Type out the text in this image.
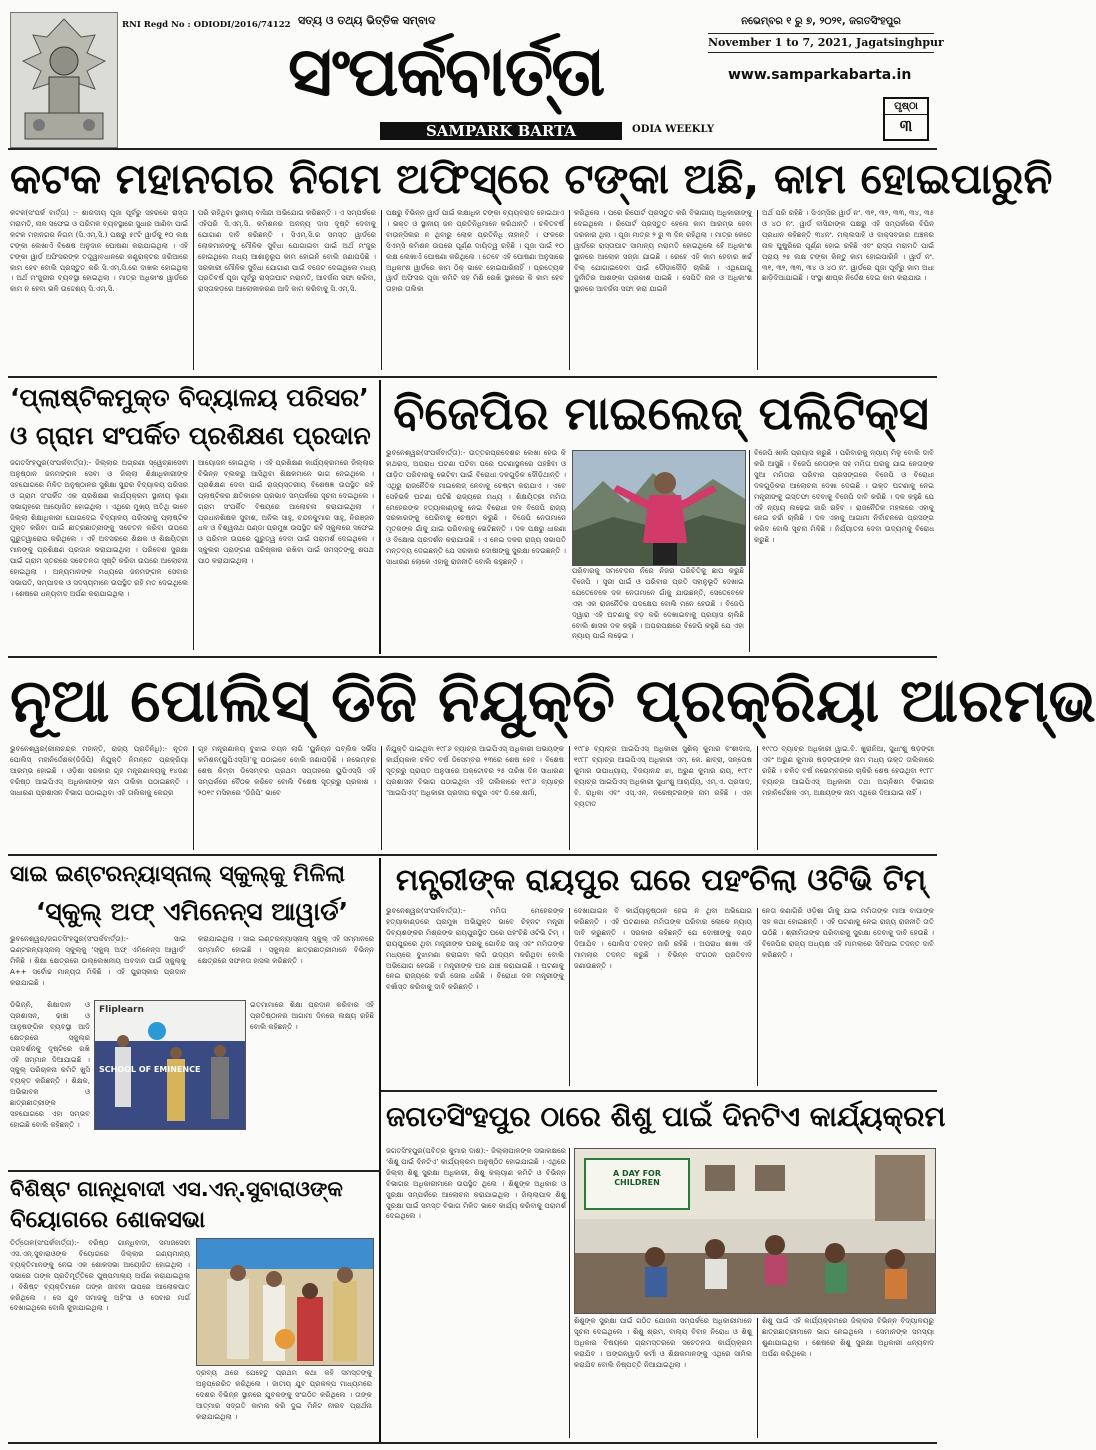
RNI Regd No : ODIODI/2016/74122 ସତ୍ୟ ଓ ତଥ୍ୟ ଭିତ୍ତିକ ସମ୍ବାଦ
ସଂପର୍କବାର୍ତ୍ତା
SAMPARK BARTA	ODIA WEEKLY
ନଭେମ୍ବର ୧ ରୁ ୭, ୨୦୨୧, ଜଗତସିଂହପୁର
November 1 to 7, 2021, Jagatsinghpur
www.samparkabarta.in
ପୃଷ୍ଠା
୩
କଟକ ମହାନଗର ନିଗମ ଅଫିସ୍‌ରେ ଟଙ୍କା ଅଛି, କାମ ହୋଇପାରୁନି
କଟକ(ସଂପର୍କ ବାର୍ତ୍ତା) :- ଶାରଦୀୟ ପୂଜା ପୂର୍ବରୁ ସହରରେ ରାସ୍ତା ମରାମତି, ନାଳ ସଫେଇ ଓ ପରିମଳ ବ୍ୟବସ୍ଥାରେ ସୁଧାର ଆଣିବା ପାଇଁ କଟକ ମହାନଗର ନିଗମ (ସି.ଏମ୍.ସି.) ପକ୍ଷରୁ ୫୯ଟି ୱାର୍ଡକୁ ୧୦ ଲକ୍ଷ ଟଙ୍କା ଲେଖାଏଁ ବିଶେଷ ଅନୁଦାନ ଘୋଷଣା କରାଯାଇଥିଲା । ଏହି ଟଙ୍କା ୱାର୍ଡ ଅଫିସରଙ୍କ ତତ୍ତ୍ୱାବଧାନରେ କଣ୍ଟ୍ରାକ୍ଟର ଜରିଆରେ କାମ ହେବ ବୋଲି ପ୍ରସ୍ତୁତ କରି ସି.ଏମ୍.ସି.ରେ ଦାଖଲ ହୋଇଥିଲା । ଅର୍ଥ ମଂଜୁରୀର ବ୍ୟବସ୍ଥା ହୋଇଥିଲା । ମାତ୍ର ଅଧିକାଂଶ ୱାର୍ଡରେ କାମ ନ ହେବା ଭଳି ଉଦ୍ଦେଶ୍ୟ ସି.ଏମ୍.ସି.
ପରି ରହିଥିବା ସ୍ଥାନୀୟ ବାସିନ୍ଦା ଅଭିଯୋଗ କରିଛନ୍ତି । ଏ ସମ୍ପର୍କରେ ଏହିପରି ସି.ଏମ୍.ସି. କମିଶନର ଅନନ୍ୟ ଦାସ ଦୃଷ୍ଟି ଦେବାକୁ ଯୋଗାଣ ଦାବି କରିଛନ୍ତି । ସିଏମ୍.ସି.ର ସମସ୍ତ ୱାର୍ଡରେ ଲୋକମାନଙ୍କୁ ମୌଳିକ ସୁବିଧା ଯୋଗାଇବା ପାଇଁ ଅର୍ଥ ମଂଜୁର ହୋଇଥିଲେ ମଧ୍ୟ ଆଶାନୁରୂପ କାମ ହୋଇନି ବୋଲି ଜଣାପଡ଼ିଛି । ସରକାରୀ ମୌଳିକ ସୁବିଧା ଯୋଗାଣ ପାଇଁ ବଜେଟ ଦେଇଥିଲେ ମଧ୍ୟ ପ୍ରତିବର୍ଷ ପୂଜା ପୂର୍ବରୁ ରାସ୍ତାଘାଟ ମରାମତି, ଆବର୍ଜନା ସଫା କରିବା, ରାସ୍ତାକଡ଼ରେ ଆଲୋକୀକରଣ ଆଦି କାମ କରିବାକୁ ସି.ଏମ୍.ସି.
ପକ୍ଷରୁ ବିଭିନ୍ନ ୱାର୍ଡ ପାଇଁ ଲକ୍ଷାଧିକ ଟଙ୍କା ବ୍ୟୟବରାଦ ହୋଇଥାଏ । ଭକ୍ତ ଓ ସ୍ଥାନୀୟ ଜନ ପ୍ରତିନିଧିମାନେ କରିଥାନ୍ତି । ଚଳିତବର୍ଷ ବାଉନ୍ସିଲର ନ ଥିବାରୁ ଲୋକ ପ୍ରତିନିଧି ନାହାନ୍ତି । ଫଳରେ ସିଏମ୍‌ସି କମିଶନ ଉପରେ ପୂର୍ଣ୍ଣ ଦାୟିତ୍ୱ ରହିଛି । ପୂଜା ପାଇଁ ୧୦ ଲକ୍ଷ ଲେଖାଏଁ ଘୋଷଣା କରିଥିଲେ । ତେବେ ଏହି ଘୋଷଣା ଅନୁସାରେ ଅଧିକାଂଶ ୱାର୍ଡରେ କାମ ଠିକ୍ ଭାବେ ହୋଇପାରିନାହିଁ । ପ୍ରତ୍ୟେକ ୱାର୍ଡ ଅଫିସର ପୂଜା କମିଟି ସହ ମିଶି ରେଖି ସ୍ଥାନରେ କି କାମ ହେବ ତାହାର ତାଲିକା
କରିଥିଲେ । ପରେ ରିପୋର୍ଟ ପ୍ରସ୍ତୁତ କରି ବିଭାଗୀୟ ଅଧିକାରୀଙ୍କୁ ଦେଇଥିଲେ । ରିପୋର୍ଟ ପ୍ରସ୍ତୁତ ହେଲେ କାମ ଆରମ୍ଭ ହେବା ଦରକାର ଥିଲା । ପୂଜା ମାତ୍ର ୨ ରୁ ୩ ଦିନ ରହିଥିଲା । ମାତ୍ର କେତେ ୱାର୍ଡରେ ରାସ୍ତାଘାଟ ସାମାନ୍ୟ ମରାମତି ହୋଇଥିଲେ ହେଁ ଅଧିକାଂଶ ସ୍ଥାନରେ ଆଲୋକ ସଜ୍ଜା ଯାଇଛି । ରେହେ ଏହି କାମ ହେବାର ଖର୍ଚ୍ଚ ବିଲ୍ ଯୋଗାଇଦେବା ପାଇଁ ଦୌଡ଼ାଦୌଡ଼ି ଚାଲିଛି । ଏଥିଯୋଗୁ ଦୁର୍ନୀତିର ଆଶଙ୍କା ପ୍ରକାଶ ପାଇଛି । ସେପିତି ନାଳ ଓ ଅଧିକାଂଶ ସ୍ଥାନରେ ଆବର୍ଜନା ସଫା କରା ଯାଇନି
ଅର୍ଥ ପରି ରହିଛି । ସିଏମ୍‌ସିର ୱାର୍ଡ ନଂ. ୩୧, ୩୨, ୩୩, ୩୪, ୩୫ ଓ ୪୦ ନଂ. ୱାର୍ଡ ବାସିନ୍ଦାଙ୍କ ପକ୍ଷରୁ ଏହି ସମ୍ପର୍କରେ ବିପିନ ପ୍ରଧାନ କହିଛନ୍ତି ୩୪ନଂ. ମଲ୍ଲସାହି ଓ ବାକ୍ସବଜାର ଅଞ୍ଚଳର ନାଳ ଘୁଷୁରିରେ ପୂର୍ଣ୍ଣ ହୋଇ ରହିଛି ଏବଂ ରାସ୍ତା ମରାମତି ପାଇଁ ପ୍ରାୟ ୨୫ ଲକ୍ଷ ଟଙ୍କା କିନ୍ତୁ କାମ ହୋଇପାରିନି । ୱାର୍ଡ ନଂ. ୩୧, ୩୨, ୩୩, ୩୪ ଓ ୪୦ ନଂ. ୱାର୍ଡରେ ପୂଜା ପୂର୍ବରୁ କାମ ଅଧା ଛାଡ଼ିଦିଆଯାଇଛି । ସଂସ୍ଥା ଶୀଘ୍ର ନିର୍ଦ୍ଦେଶ ଦେଇ କାମ କରାଯାଉ ।
‘ପ୍ଲାଷ୍ଟିକମୁକ୍ତ ବିଦ୍ୟାଳୟ ପରିସର’
ଓ ଗ୍ରାମ ସଂପର୍କିତ ପ୍ରଶିକ୍ଷଣ ପ୍ରଦାନ
ଜଗତସିଂହପୁର(ସଂପର୍କବାର୍ତ୍ତା):- ଜିଲ୍ଲାର ଅଗ୍ରଣୀ ସ୍ୱେଚ୍ଛାସେବୀ ଅନୁଷ୍ଠାନ ଜନମଙ୍ଗଳ ସେବା ଓ ଜିଲ୍ଲା ଶିକ୍ଷାଧିକାରୀଙ୍କ ସହଯୋଗରେ ମିଳିତ ଅନୁଷ୍ଠାନର ସୁଶିକ୍ଷା ସୁନ୍ଦର ବିଦ୍ୟାଳୟ ପରିସର ଓ ଗ୍ରାମ ସଂପର୍କିତ ଏକ ପ୍ରଶିକ୍ଷଣ କାର୍ଯ୍ୟକ୍ରମ ସ୍ଥାନୀୟ ଲୁଣା ସଭାଗୃହରେ ଆୟୋଜିତ ହୋଇଥିଲା । ଏଥିରେ ମୁଖ୍ୟ ଅତିଥି ଭାବେ ଜିଲ୍ଲା ଶିକ୍ଷାଧିକାରୀ ଯୋଗଦେଇ ବିଦ୍ୟାଳୟ ପରିସରକୁ ପ୍ଲାଷ୍ଟିକ ମୁକ୍ତ କରିବା ପାଇଁ ଛାତ୍ରଛାତ୍ରୀଙ୍କୁ ସଚେତନ କରିବା ଉପରେ ଗୁରୁତ୍ୱାରୋପ କରିଥିଲେ । ଏହି ଅବସରରେ ଶିକ୍ଷକ ଓ ଶିକ୍ଷୟିତ୍ରୀ ମାନଙ୍କୁ ପ୍ରଶିକ୍ଷଣ ପ୍ରଦାନ କରାଯାଇଥିଲା । ପରିବେଶ ସୁରକ୍ଷା ପାଇଁ ଗ୍ରାମ ସ୍ତରରେ ସଚେତନତା ସୃଷ୍ଟି କରିବା ଉପରେ ଆଲୋଚନା ହୋଇଥିଲା । ଅନ୍ୟମାନଙ୍କ ମଧ୍ୟରେ ଜନମଙ୍ଗଳ ସେବାର ସଭାପତି, ସମ୍ପାଦକ ଓ ସଦସ୍ୟମାନେ ଉପସ୍ଥିତ ରହି ମତ ଦେଇଥିଲେ । ଶେଷରେ ଧନ୍ୟବାଦ ଅର୍ପଣ କରାଯାଇଥିଲା ।
ଆୟୋଜନ ହୋଇଥିଲା । ଏହି ପ୍ରଶିକ୍ଷଣ କାର୍ଯ୍ୟକ୍ରମରେ ଜିଲ୍ଲାର ବିଭିନ୍ନ ବ୍ଲକରୁ ଆସିଥିବା ଶିକ୍ଷକମାନେ ଭାଗ ନେଇଥିଲେ । ପ୍ରଶିକ୍ଷଣ ଦେବା ପାଇଁ ରାଜ୍ୟସ୍ତରୀୟ ବିଶେଷଜ୍ଞ ଉପସ୍ଥିତ ରହି ପ୍ଲାଷ୍ଟିକର କ୍ଷତିକାରକ ପ୍ରଭାବ ସମ୍ପର୍କରେ ସୂଚନା ଦେଇଥିଲେ । ଗ୍ରାମ ସଂପର୍କିତ ବିଷୟରେ ଆଲୋଚନା କରାଯାଇଥିଲା । ପ୍ରଧାନଶିକ୍ଷକ ସୁବାଶ, ଅନିଲ ସାହୁ, ଚନ୍ଦନକୁମାର ସାହୁ, ନିରଞ୍ଜନ ଧଳ ଓ ବିଶ୍ୱନାଥ ପଣ୍ଡା ପ୍ରମୁଖ ଉପସ୍ଥିତ ରହି ସ୍କୁଲରେ ସଫେଇ ଓ ପରିମଳ ଉପରେ ଗୁରୁତ୍ୱ ଦେବା ପାଇଁ ପରାମର୍ଶ ଦେଇଥିଲେ । ସ୍କୁଲର ପ୍ରାଙ୍ଗଣ ପରିଷ୍କାର ରଖିବା ପାଇଁ ସମସ୍ତଙ୍କୁ ଶପଥ ପାଠ କରାଯାଇଥିଲା ।
ବିଜେପିର ମାଇଲେଜ୍ ପଲିଟିକ୍ସ
ଭୁବନେଶ୍ୱର(ସଂପର୍କବାର୍ତ୍ତା):- ଉତ୍ତରପ୍ରଦେଶର ଲେଖା ହେଉ କି ହାଥରସ, ଅପରାଧ ଘଟଣା ଘଟିବା ପରେ ଘଟଣାସ୍ଥଳରେ ପହଞ୍ଚିବା ଓ ପୀଡ଼ିତ ପରିବାରକୁ ଭେଟିବା ପାଇଁ ବିରୋଧୀ ଦଳଗୁଡ଼ିକ ଦୌଡ଼ିଥାନ୍ତି । ଏଥିରୁ ରାଜନୈତିକ ମାଇଲେଜ୍ ନେବାକୁ ଚେଷ୍ଟା କରାଯାଏ । ଏବେ ସେହିଭଳି ଘଟଣା ଘଟିଛି ରାଜ୍ୟରେ ମଧ୍ୟ । ଶିକ୍ଷୟିତ୍ରୀ ମମିତା ମେହେରଙ୍କ ହତ୍ୟାକାଣ୍ଡକୁ ନେଇ ବିରୋଧୀ ଦଳ ବିଜେପି ରାଜ୍ୟ ସରକାରଙ୍କୁ ଘେରିବାକୁ ଚେଷ୍ଟା କରୁଛି । ବିଜେପି ନେତାମାନେ ମୃତକଙ୍କ ଗାଁକୁ ଯାଇ ପରିବାରକୁ ଭେଟିଛନ୍ତି । ଦଳ ପକ୍ଷରୁ ଧାରଣା ଓ ବିକ୍ଷୋଭ ପ୍ରଦର୍ଶନ କରାଯାଉଛି । ଏ ନେଇ ଦଳର ରାଜ୍ୟ ସଭାପତି ମନ୍ତବ୍ୟ ଦେଇଛନ୍ତି ଯେ ସରକାର ଦୋଷୀଙ୍କୁ ସୁରକ୍ଷା ଦେଉଛନ୍ତି । ସାଧାରଣ ଲୋକେ ଏହାକୁ ରାଜନୀତି ବୋଲି କହୁଛନ୍ତି ।
ପରିବାରକୁ ସମବେଦନା ନଁରେ ନିଜର ପରିଚିତିକୁ ଛାପ କରୁଛି ବିଜେପି । ସ୍ତ୍ରୀ ପାଇଁ ଓ ପରିବାର ପ୍ରତି ସହାନୁଭୂତି ଦେଖାଇ ଯେତେବେଳେ ଦଳ ନେତାମାନେ ଗାଁକୁ ଯାଉଛନ୍ତି, ସେତେବେଳେ ଏହା ଏକ ରାଜନୈତିକ ପଦକ୍ଷେପ ବୋଲି ମନେ ହେଉଛି । ବିଜେପି ଦ୍ୱାରା ଏହି ଘଟଣାକୁ ବଡ଼ କରି ଦେଖାଇବାକୁ ପ୍ରୟାସ ଚାଲିଛି ବୋଲି ଶାସକ ଦଳ କହୁଛି । ଅପରପକ୍ଷରେ ବିଜେପି କହୁଛି ଯେ ଏହା ନ୍ୟାୟ ପାଇଁ ଲଢ଼େଇ ।
ବିଜେପି ଖାଲି ପ୍ରୟାସ କରୁଛି । ପରିବାରକୁ ନ୍ୟାୟ ମିଳୁ ବୋଲି ଦାବି କରି ଆସୁଛି । ବିଜେପି ନେତାଙ୍କ ସହ ମମିତା ଘରକୁ ଯାଇ ନେତାଙ୍କ ସୁଆ ମମିତାର ପରିବାର ପ୍ରସଙ୍ଗରେ ବିଜେପି ଓ ବିରୋଧୀ ଦଳଗୁଡ଼ିକର ଆଲୋଚନା ଦେଖା ଦେଇଛି । ଉକ୍ତ ଘଟଣାକୁ ନେଇ ମନ୍ତ୍ରୀଙ୍କୁ ଇସ୍ତଫା ଦେବାକୁ ବିଜେପି ଦାବି କରିଛି । ଦଳ କହୁଛି ଯେ ଏହି ନ୍ୟାୟ ଲଢ଼େଇ ଜାରି ରହିବ । ରାଜନୈତିକ ମହଲରେ ଏହାକୁ ନେଇ ଚର୍ଚ୍ଚା ଚାଲିଛି । ଦଳ ଏହାକୁ ଆଗାମୀ ନିର୍ବାଚନରେ ପ୍ରସଙ୍ଗ କରିବ ବୋଲି ସୂଚନା ମିଳିଛି । ନିର୍ଯ୍ୟାତନା ଦେବା ଉଦ୍ୟମକୁ ବିରୋଧ କରୁଛି ।
ନୂଆ ପୋଲିସ୍ ଡିଜି ନିଯୁକ୍ତି ପ୍ରକ୍ରିୟା ଆରମ୍ଭ
ଭୁବନେଶ୍ୱର(ରୀନାଚନ୍ଦ୍ର ମହାନ୍ତି, ରାଜ୍ୟ ପ୍ରତିନିଧି):- ନୂତନ ପୋଲିସ୍ ମହାନିର୍ଦ୍ଦେଶକ(ଡିଜିପି) ନିଯୁକ୍ତି ନିମନ୍ତେ ପ୍ରକ୍ରିୟା ଆରମ୍ଭ ହୋଇଛି । ଓଡ଼ିଶା ସରକାର ଗୃହ ମନ୍ତ୍ରଣାଳୟକୁ ୧୪ଜଣ ବରିଷ୍ଠ ଆଇପିଏସ୍ ଅଧିକାରୀଙ୍କ ନାମ ତାଲିକା ପଠାଇଛନ୍ତି । ସାଧାରଣ ପ୍ରଶାସନ ବିଭାଗ ପଠାଇଥିବା ଏହି ତାଲିକାକୁ କେନ୍ଦ୍ର
ଗୃହ ମନ୍ତ୍ରଣାଳୟ ବୁଝାଇ ଚୟନ ଲାଗି ‘ୟୁନିୟନ ପବ୍ଲିକ ସର୍ଭିସ କମିଶନ(ୟୁପିଏସ୍‌ସି)’କୁ ପଠାଇବେ ବୋଲି ଜଣାପଡ଼ିଛି । ନଭେମ୍ବର ଶେଷ କିମ୍ବା ଡିସେମ୍ବର ପ୍ରଥମ ସପ୍ତାହରେ ୟୁପିଏସ୍‌ସି ଏହି ସମ୍ପର୍କରେ ବୈଠକ କରିବେ ବୋଲି ବିଶେଷ ସୂତ୍ରରୁ ପ୍ରକାଶ । ୨୦୧୯ ମସିହାରେ ‘ଡିଜିପି’ ଭାବେ
ନିଯୁକ୍ତି ପାଇଥିବା ୧୯୮୬ ବ୍ୟାଚ୍‌ର ଆଇପିଏସ୍ ଅଧିକାରୀ ଅଭୟଙ୍କ କାର୍ଯ୍ୟକାଳ ଚଳିତ ବର୍ଷ ଡିସେମ୍ବର ୧୩ରେ ଶେଷ ହେବ । ବିଶେଷ ସୂତ୍ରରୁ ପ୍ରାପ୍ତ ଅନୁସାରେ ଅକ୍ଟୋବର ୨୫ ତାରିଖ ଦିନ ସାଧାରଣ ପ୍ରଶାସନ ବିଭାଗ ପଠାଇଥିବା ଏହି ତାଲିକାରେ ୧୯୮୬ ବ୍ୟାଚ୍‌ର ‘ଆଇପିଏସ୍’ ଅଧିକାରୀ ପ୍ରଦୀପ କପୁର ଏବଂ ଡି.କେ.ଶର୍ମା,
୧୯୮୭ ବ୍ୟାଚ୍‌ର ଆଇପିଏସ୍ ଅଧିକାରୀ ସୁଶିଲ୍ କୁମାର ବଂଶୀଦାସ, ୧୯୮୮ ବ୍ୟାଚ୍‌ର ଆଇପିଏସ୍ ଅଧିକାରୀ ଏମ୍. କେ. ଛାବ୍ରା, ସନ୍ତୋଷ କୁମାର ଉପାଧ୍ୟାୟ, ବିଜୟାନନ୍ଦ ଝା, ଅରୁଣ କୁମାର ରାୟ, ୧୯୮୯ ବ୍ୟାଚ୍‌ର ଆଇପିଏସ୍ ଅଧିକାରୀ ସୁଧାଂଶୁ ଆଚାର୍ଯ୍ୟ, ଏମ୍.ଏ. ପ୍ରସାଦ, ବି. ରାଧିକା ଏବଂ ଏସ୍.ଏନ୍. ନରେଷ୍ଟରଙ୍କ ନାମ ରହିଛି । ଏହା ବ୍ୟତୀତ
୧୯୯୦ ବ୍ୟାଚ୍‌ର ଅଧିକାରୀ ୱାଇ.ବି. ଖୁରାନିଆ, ସୁଧାଂଶୁ ଷଡ଼ଙ୍ଗୀ ଏବଂ ଅରୁଣ କୁମାର ଷଡ଼ଙ୍ଗୀଙ୍କ ନାମ ମଧ୍ୟ ଉକ୍ତ ତାଲିକାରେ ରହିଛି । ଚଳିତ ବର୍ଷ ନଭେମ୍ବରରେ ଚାକିରି ଶେଷ ହେଉଥିବା ୧୯୮୮ ବ୍ୟାଚ୍‌ର ଆଇପିଏସ୍ ଅଧିକାରୀ ତଥା ଅଗ୍ନିଶମ ବିଭାଗର ମହାନିର୍ଦ୍ଦେଶକ ଏମ୍. ଅକ୍ଷୟଙ୍କ ନାମ ଏଥିରେ ଦିଆଯାଇ ନାହିଁ ।
ସାଇ ଇଣ୍ଟରନ୍ୟାସ୍‌ନାଲ୍ ସ୍କୁଲ୍‌କୁ ମିଳିଲା
‘ସ୍କୁଲ୍ ଅଫ୍ ଏମିନେନ୍ସ ଆୱାର୍ଡ’
ଭୁବନେଶ୍ୱର/ଜଗତସିଂହପୁର(ସଂପର୍କବାର୍ତ୍ତା):- ସାଇ ଇଣ୍ଟରନ୍ୟାସ୍‌ନାଲ୍ ସ୍କୁଲ୍‌କୁ ‘ସ୍କୁଲ୍ ଅଫ୍ ଏମିନେନ୍ସ ଆୱାର୍ଡ’ ମିଳିଛି । ଶିକ୍ଷା କ୍ଷେତ୍ରରେ ଉଲ୍ଲେଖନୀୟ ଅବଦାନ ପାଇଁ ସ୍କୁଲ୍‌କୁ A++ ସର୍ବୋଚ୍ଚ ମାନ୍ୟତା ମିଳିଛି । ଏହି ପୁରସ୍କାର ପ୍ରଦାନ କରାଯାଇଛି ।
କରାଯାଇଥିଲା । ସାଇ ଇଣ୍ଟରନ୍ୟାସ୍‌ନାଲ୍ ସ୍କୁଲ୍ ଏହି ସମ୍ମାନରେ ସମ୍ମାନିତ ହୋଇଛି । ସ୍କୁଲ୍‌ର ଛାତ୍ରଛାତ୍ରୀମାନେ ବିଭିନ୍ନ କ୍ଷେତ୍ରରେ ସଫଳତା ହାସଲ କରିଛନ୍ତି ।
Fliplearn
SCHOOL OF EMINENCE
ଡିଭିନ୍ନି, ଶିକ୍ଷାଦାନ ଓ ପ୍ରଶାସନ, ଢାଞ୍ଚା ଓ ଆନୁଷଙ୍ଗିକ ବ୍ୟବସ୍ଥା ଆଦି କ୍ଷେତ୍ରରେ ସ୍କୁଲ୍‌ର ପ୍ରଦର୍ଶନକୁ ଦୃଷ୍ଟିରେ ରଖି ଏହି ସମ୍ମାନ ଦିଆଯାଇଛି । ସ୍କୁଲ୍ ପରିଚାଳନା କମିଟି ଖୁସି ବ୍ୟକ୍ତ କରିଛନ୍ତି । ଶିକ୍ଷକ, ଅଭିଭାବକ ଓ ଛାତ୍ରଛାତ୍ରୀଙ୍କ ସହଯୋଗରେ ଏହା ସମ୍ଭବ ହୋଇଛି ବୋଲି କହିଛନ୍ତି ।
ଇତମାମାରେ ଶିକ୍ଷା ପ୍ରଦାନ କରିବାର ଏହି ପ୍ରତିଷ୍ଠାନର ଆଗାମୀ ଦିନରେ ଲକ୍ଷ୍ୟ ରହିଛି ବୋଲି କହିଛନ୍ତି ।
ମନ୍ତ୍ରୀଙ୍କ ରାୟପୁର ଘରେ ପହଂଚିଲା ଓଟିଭି ଟିମ୍
ଭୁବନେଶ୍ୱର(ସଂପର୍କବାର୍ତ୍ତା):- ମମିତା ମେହେରଙ୍କ ହତ୍ୟାକାଣ୍ଡରେ ପ୍ରମୁଖ ଅଭିଯୁକ୍ତ ଭାବେ ଚିହ୍ନଟ ମନ୍ତ୍ରୀ ଦିବ୍ୟଶଙ୍କର ମିଶ୍ରଙ୍କ ରାୟପୁରସ୍ଥିତ ଘରେ ପହଂଚିଛି ଓଟିଭି ଟିମ୍ । ରାୟପୁରରେ ଥିବା ମନ୍ତ୍ରୀଙ୍କ ଘରକୁ ଗୋବିନ୍ଦ ସାହୁ ଏବଂ ମମିତାଙ୍କ ମଧ୍ୟରେ ବୁଝାମଣା କରାଇବା ଲାଗି ଉଦ୍ୟମ କରିଥିବା ବୋଲି ଅଭିଯୋଗ ହେଉଛି । ମନ୍ତ୍ରୀଙ୍କ ଘର ଯାଞ୍ଚ କରାଯାଇଛି । ଘଟଣାକୁ ନେଇ ରାଜ୍ୟରେ ଚର୍ଚ୍ଚା ଜୋର ଧରିଛି । ବିରୋଧୀ ଦଳ ମନ୍ତ୍ରୀଙ୍କୁ ବର୍ଖାସ୍ତ କରିବାକୁ ଦାବି କରିଛନ୍ତି ।
ଦେଖାଯାଇନ ବି କାର୍ଯ୍ୟାନୁଷ୍ଠାନ ହେଇ ନ ଥିବା ଅଭିଯୋଗ କରିଛନ୍ତି । ଏହି ଘଟଣାରେ ମମିତାଙ୍କ ପରିବାର ଲୋକେ ନ୍ୟାୟ ଦାବି କରୁଛନ୍ତି । ସରକାର କହିଛନ୍ତି ଯେ ଦୋଷୀଙ୍କୁ ଦଣ୍ଡ ଦିଆଯିବ । ପୋଲିସ ତଦନ୍ତ ଜାରି ରହିଛି । ଅପରାଧ ଶାଖା ଏହି ମାମଲାର ତଦନ୍ତ କରୁଛି । ବିଭିନ୍ନ ସଂଗଠନ ପ୍ରତିବାଦ ଜଣାଉଛନ୍ତି ।
ନେତା କଣାଗିରି ଓଡ଼ିଶା ଗାଁକୁ ଯାଇ ମମିତାଙ୍କ ମାଆ ବାପାଙ୍କ ସହ କଥା ହୋଇଛନ୍ତି । ଏହି ଘଟଣାକୁ ନେଇ ରାଜ୍ୟ ରାଜନୀତି ତାତି ଉଠିଛି । ଶ୍ରୀମିତାଙ୍କ ପରିବାରକୁ ସୁରକ୍ଷା ଦେବାକୁ ଦାବି ହେଉଛି । ବିଜେପିର ରାଜ୍ୟ ଅଧ୍ୟକ୍ଷ ଏହି ମାମଲାରେ ସିବିଆଇ ତଦନ୍ତ ଦାବି କରିଛନ୍ତି ।
ଜଗତସିଂହପୁର ଠାରେ ଶିଶୁ ପାଇଁ ଦିନଟିଏ କାର୍ଯ୍ୟକ୍ରମ
ଜଗତସିଂହପୁର(ପବିତ୍ର କୁମାର ଦାଶ):- ଜିଲ୍ଲାପାଳଙ୍କ ସଭାକକ୍ଷରେ ‘ଶିଶୁ ପାଇଁ ଦିନଟିଏ’ କାର୍ଯ୍ୟକ୍ରମ ଅନୁଷ୍ଠିତ ହୋଇଯାଇଛି । ଏଥିରେ ଜିଲ୍ଲା ଶିଶୁ ସୁରକ୍ଷା ଅଧିକାରୀ, ଶିଶୁ କଲ୍ୟାଣ କମିଟି ଓ ବିଭିନ୍ନ ବିଭାଗର ଅଧିକାରୀମାନେ ଉପସ୍ଥିତ ଥିଲେ । ଶିଶୁଙ୍କ ଅଧିକାର ଓ ସୁରକ୍ଷା ସମ୍ପର୍କରେ ଆଲୋଚନା କରାଯାଇଥିଲା । ଜିଲ୍ଲାପାଳ ଶିଶୁ ସୁରକ୍ଷା ପାଇଁ ସମସ୍ତ ବିଭାଗ ମିଳିତ ଭାବେ କାର୍ଯ୍ୟ କରିବାକୁ ପରାମର୍ଶ ଦେଇଥିଲେ ।
A DAY FOR CHILDREN
ଶିଶୁଙ୍କ ସୁରକ୍ଷା ପାଇଁ ଗଠିତ ଯୋଜନା ସମ୍ପର୍କରେ ଅଧିକାରୀମାନେ ସୂଚନା ଦେଇଥିଲେ । ଶିଶୁ ଶ୍ରମ, ବାଲ୍ୟ ବିବାହ ନିରୋଧ ଓ ଶିଶୁ ଅଧିକାର ବିଷୟରେ ଗ୍ରାମସ୍ତରରେ ସଚେତନତା କାର୍ଯ୍ୟକ୍ରମ କରାଯିବ । ଅଙ୍ଗନୱାଡ଼ି କର୍ମୀ ଓ ଶିକ୍ଷକମାନଙ୍କୁ ଏଥିରେ ସାମିଲ କରାଯିବ ବୋଲି ନିଷ୍ପତ୍ତି ନିଆଯାଇଥିଲା ।
ଶିଶୁ ପାଇଁ ଏହି କାର୍ଯ୍ୟକ୍ରମରେ ଜିଲ୍ଲାର ବିଭିନ୍ନ ବିଦ୍ୟାଳୟରୁ ଛାତ୍ରଛାତ୍ରୀମାନେ ଭାଗ ନେଇଥିଲେ । ସେମାନଙ୍କ ସମସ୍ୟା ଶୁଣାଯାଇଥିଲା । ଶେଷରେ ଶିଶୁ ସୁରକ୍ଷା ଅଧିକାରୀ ଧନ୍ୟବାଦ ଅର୍ପଣ କରିଥିଲେ ।
ବିଶିଷ୍ଟ ଗାନ୍ଧିବାଦୀ ଏସ.ଏନ୍.ସୁବାରାଓଙ୍କ
ବିୟୋଗରେ ଶୋକସଭା
ତିର୍ତ୍ତୋଳ(ସଂପର୍କବାର୍ତ୍ତା):- ବରିଷ୍ଠ ଗାନ୍ଧିବାଦୀ, ସମାଜସେବୀ ଏସ.ଏନ୍.ସୁବାରାଓଙ୍କ ବିୟୋଗରେ ଜିଲ୍ଲାର ଗଣ୍ୟମାନ୍ୟ ବ୍ୟକ୍ତିମାନଙ୍କୁ ନେଇ ଏକ ଶୋକସଭା ଆୟୋଜିତ ହୋଇଥିଲା । ସଭାରେ ତାଙ୍କ ପ୍ରତିମୂର୍ତ୍ତିରେ ପୁଷ୍ପମାଲ୍ୟ ଅର୍ପଣ କରାଯାଇଥିଲା । ବିଶିଷ୍ଟ ବ୍ୟକ୍ତିମାନେ ତାଙ୍କ ଜୀବନୀ ଉପରେ ଆଲୋକପାତ କରିଥିଲେ । ସେ ଯୁବ ସମାଜକୁ ଅହିଂସା ଓ ସେବାର ମାର୍ଗ ଦେଖାଇଥିଲେ ବୋଲି କୁହାଯାଇଥିଲା ।
ଦ୍ରବ୍ୟ ଥରେ ଯେହେତୁ ପ୍ରଥମ କଥା କହି ସମସ୍ତଙ୍କୁ ଅନୁପ୍ରେରିତ କରିଥିଲେ । ଜାତୀୟ ଯୁବ ପ୍ରକଳ୍ପ ମାଧ୍ୟମରେ ଦେଶର ବିଭିନ୍ନ ସ୍ଥାନରେ ଯୁବକଙ୍କୁ ସଂଗଠିତ କରିଥିଲେ । ତାଙ୍କ ଆତ୍ମାର ସଦ୍‌ଗତି କାମନା କରି ଦୁଇ ମିନିଟ ନୀରବ ପ୍ରାର୍ଥନା କରାଯାଇଥିଲା ।
